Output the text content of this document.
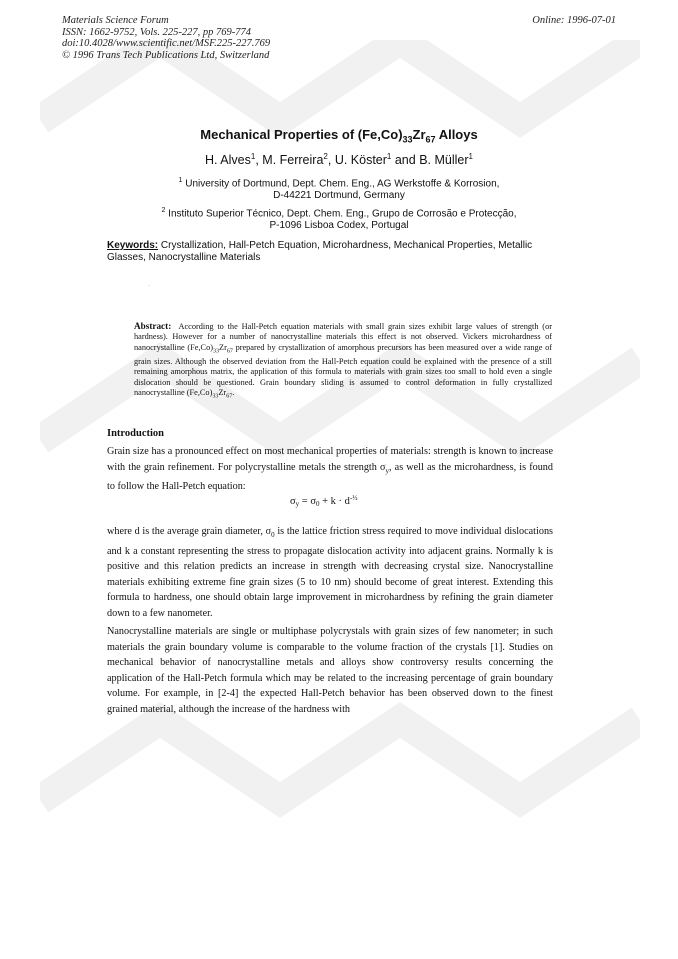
Materials Science Forum
ISSN: 1662-9752, Vols. 225-227, pp 769-774
doi:10.4028/www.scientific.net/MSF.225-227.769
© 1996 Trans Tech Publications Ltd, Switzerland
Online: 1996-07-01
Mechanical Properties of $(Fe,Co)_{33}Zr_{67}$ Alloys
H. Alves$^1$, M. Ferreira$^2$, U. Köster$^1$ and B. Müller$^1$
$^1$ University of Dortmund, Dept. Chem. Eng., AG Werkstoffe & Korrosion,
D-44221 Dortmund, Germany
$^2$ Instituto Superior Técnico, Dept. Chem. Eng., Grupo de Corrosão e Protecção,
P-1096 Lisboa Codex, Portugal
Keywords: Crystallization, Hall-Petch Equation, Microhardness, Mechanical Properties, Metallic Glasses, Nanocrystalline Materials
·
Abstract: According to the Hall-Petch equation materials with small grain sizes exhibit large values of strength (or hardness). However for a number of nanocrystalline materials this effect is not observed. Vickers microhardness of nanocrystalline $(Fe,Co)_{33}Zr_{67}$ prepared by crystallization of amorphous precursors has been measured over a wide range of grain sizes. Although the observed deviation from the Hall-Petch equation could be explained with the presence of a still remaining amorphous matrix, the application of this formula to materials with grain sizes too small to hold even a single dislocation should be questioned. Grain boundary sliding is assumed to control deformation in fully crystallized nanocrystalline $(Fe,Co)_{33}Zr_{67}$.
Introduction

Grain size has a pronounced effect on most mechanical properties of materials: strength is known to increase with the grain refinement. For polycrystalline metals the strength $\sigma_y$, as well as the microhardness, is found to follow the Hall-Petch equation:

$\sigma_y = \sigma_0 + k \cdot d^{-\frac{1}{2}}$

where d is the average grain diameter, $\sigma_0$ is the lattice friction stress required to move individual dislocations and k a constant representing the stress to propagate dislocation activity into adjacent grains. Normally k is positive and this relation predicts an increase in strength with decreasing crystal size. Nanocrystalline materials exhibiting extreme fine grain sizes (5 to 10 nm) should become of great interest. Extending this formula to hardness, one should obtain large improvement in microhardness by refining the grain diameter down to a few nanometer.

Nanocrystalline materials are single or multiphase polycrystals with grain sizes of few nanometer; in such materials the grain boundary volume is comparable to the volume fraction of the crystals [1]. Studies on mechanical behavior of nanocrystalline metals and alloys show controversy results concerning the application of the Hall-Petch formula which may be related to the increasing percentage of grain boundary volume. For example, in [2-4] the expected Hall-Petch behavior has been observed down to the finest grained material, although the increase of the hardness with
